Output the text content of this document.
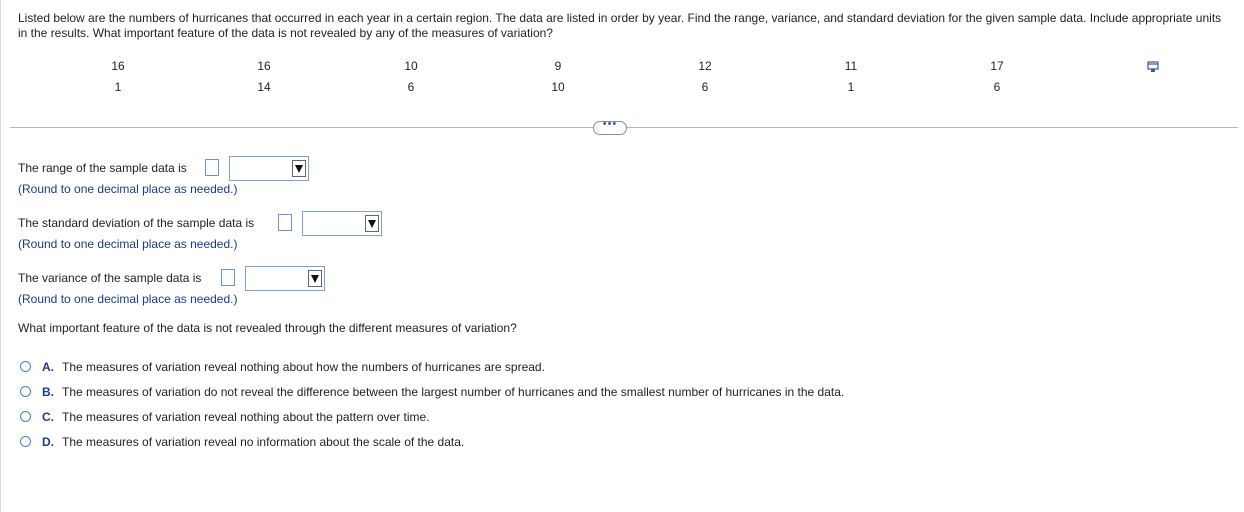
Listed below are the numbers of hurricanes that occurred in each year in a certain region. The data are listed in order by year. Find the range, variance, and standard deviation for the given sample data. Include appropriate units in the results. What important feature of the data is not revealed by any of the measures of variation?
16	16	10	9	12	11	17
1	14	6	10	6	1	6
•••
The range of the sample data is
(Round to one decimal place as needed.)
The standard deviation of the sample data is
(Round to one decimal place as needed.)
The variance of the sample data is
(Round to one decimal place as needed.)
What important feature of the data is not revealed through the different measures of variation?
A. The measures of variation reveal nothing about how the numbers of hurricanes are spread.
B. The measures of variation do not reveal the difference between the largest number of hurricanes and the smallest number of hurricanes in the data.
C. The measures of variation reveal nothing about the pattern over time.
D. The measures of variation reveal no information about the scale of the data.
